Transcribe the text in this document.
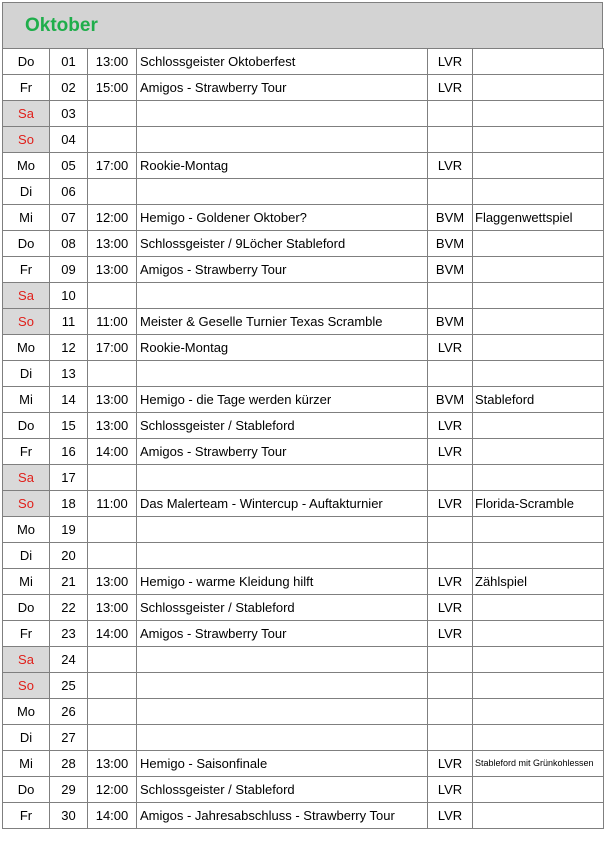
Oktober
Do	01	13:00	Schlossgeister Oktoberfest	LVR	
Fr	02	15:00	Amigos - Strawberry Tour	LVR	
Sa	03				
So	04				
Mo	05	17:00	Rookie-Montag	LVR	
Di	06				
Mi	07	12:00	Hemigo - Goldener Oktober?	BVM	Flaggenwettspiel
Do	08	13:00	Schlossgeister / 9Löcher Stableford	BVM	
Fr	09	13:00	Amigos - Strawberry Tour	BVM	
Sa	10				
So	11	11:00	Meister & Geselle Turnier Texas Scramble	BVM	
Mo	12	17:00	Rookie-Montag	LVR	
Di	13				
Mi	14	13:00	Hemigo - die Tage werden kürzer	BVM	Stableford
Do	15	13:00	Schlossgeister / Stableford	LVR	
Fr	16	14:00	Amigos - Strawberry Tour	LVR	
Sa	17				
So	18	11:00	Das Malerteam - Wintercup - Auftakturnier	LVR	Florida-Scramble
Mo	19				
Di	20				
Mi	21	13:00	Hemigo - warme Kleidung hilft	LVR	Zählspiel
Do	22	13:00	Schlossgeister / Stableford	LVR	
Fr	23	14:00	Amigos - Strawberry Tour	LVR	
Sa	24				
So	25				
Mo	26				
Di	27				
Mi	28	13:00	Hemigo - Saisonfinale	LVR	Stableford mit Grünkohlessen
Do	29	12:00	Schlossgeister / Stableford	LVR	
Fr	30	14:00	Amigos - Jahresabschluss - Strawberry Tour	LVR	
